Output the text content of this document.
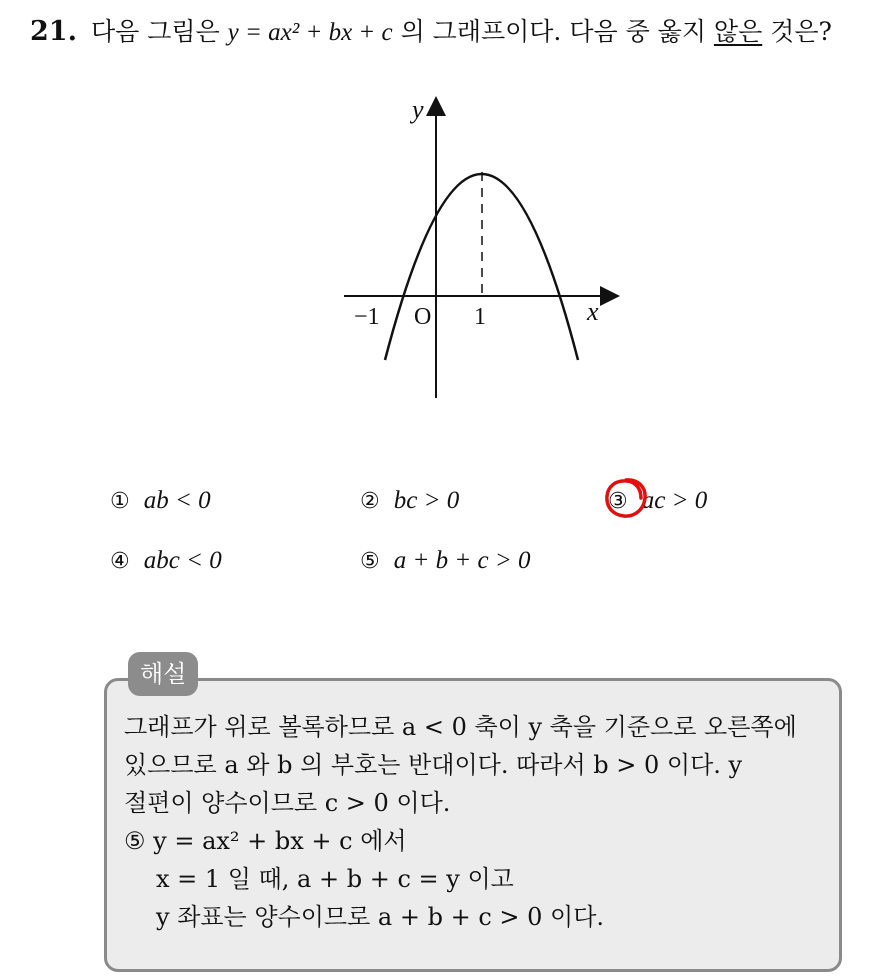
21. 다음 그림은 y = ax² + bx + c 의 그래프이다. 다음 중 옳지 않은 것은?
y
x
O
−1	1
① ab < 0	② bc > 0	③ ac > 0
④ abc < 0	⑤ a + b + c > 0
해설
그래프가 위로 볼록하므로 a < 0 축이 y 축을 기준으로 오른쪽에
있으므로 a 와 b 의 부호는 반대이다. 따라서 b > 0 이다. y
절편이 양수이므로 c > 0 이다.
⑤ y = ax² + bx + c 에서
x = 1 일 때, a + b + c = y 이고
y 좌표는 양수이므로 a + b + c > 0 이다.
